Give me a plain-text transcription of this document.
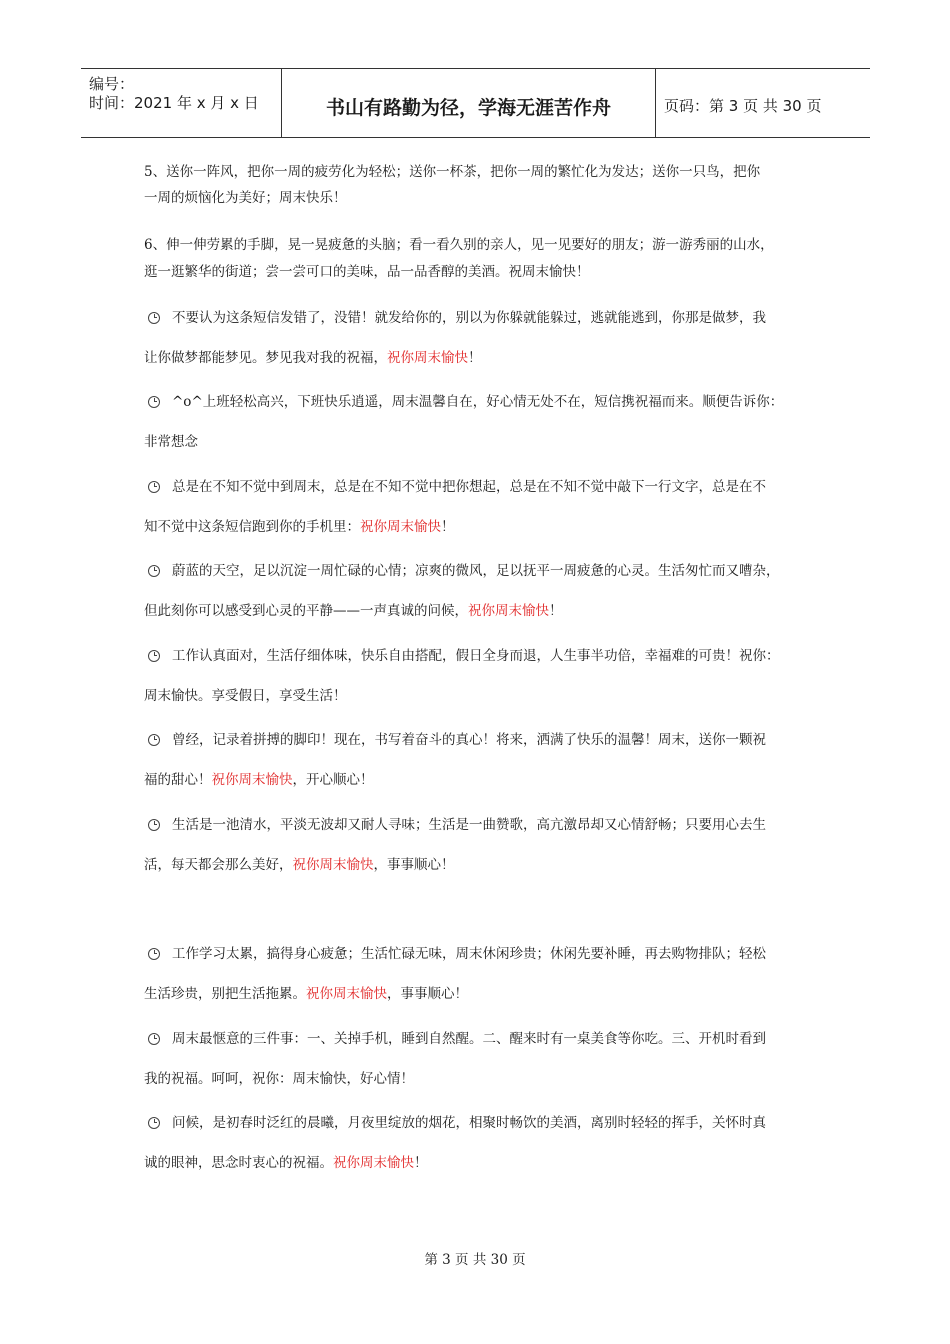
编号：
时间：2021 年 x 月 x 日	书山有路勤为径，学海无涯苦作舟	页码：第 3 页 共 30 页
5、送你一阵风，把你一周的疲劳化为轻松；送你一杯茶，把你一周的繁忙化为发达；送你一只鸟，把你
一周的烦恼化为美好；周末快乐！
6、伸一伸劳累的手脚，晃一晃疲惫的头脑；看一看久别的亲人，见一见要好的朋友；游一游秀丽的山水，
逛一逛繁华的街道；尝一尝可口的美味，品一品香醇的美酒。祝周末愉快！
不要认为这条短信发错了，没错！就发给你的，别以为你躲就能躲过，逃就能逃到，你那是做梦，我
让你做梦都能梦见。梦见我对我的祝福，祝你周末愉快！
^o^上班轻松高兴，下班快乐逍遥，周末温馨自在，好心情无处不在，短信携祝福而来。顺便告诉你：
非常想念
总是在不知不觉中到周末，总是在不知不觉中把你想起，总是在不知不觉中敲下一行文字，总是在不
知不觉中这条短信跑到你的手机里：祝你周末愉快！
蔚蓝的天空，足以沉淀一周忙碌的心情；凉爽的微风，足以抚平一周疲惫的心灵。生活匆忙而又嘈杂，
但此刻你可以感受到心灵的平静——一声真诚的问候，祝你周末愉快！
工作认真面对，生活仔细体味，快乐自由搭配，假日全身而退，人生事半功倍，幸福难的可贵！祝你：
周末愉快。享受假日，享受生活！
曾经，记录着拼搏的脚印！现在，书写着奋斗的真心！将来，洒满了快乐的温馨！周末，送你一颗祝
福的甜心！祝你周末愉快，开心顺心！
生活是一池清水，平淡无波却又耐人寻味；生活是一曲赞歌，高亢激昂却又心情舒畅；只要用心去生
活，每天都会那么美好，祝你周末愉快，事事顺心！
工作学习太累，搞得身心疲惫；生活忙碌无味，周末休闲珍贵；休闲先要补睡，再去购物排队；轻松
生活珍贵，别把生活拖累。祝你周末愉快，事事顺心！
周末最惬意的三件事：一、关掉手机，睡到自然醒。二、醒来时有一桌美食等你吃。三、开机时看到
我的祝福。呵呵，祝你：周末愉快，好心情！
问候，是初春时泛红的晨曦，月夜里绽放的烟花，相聚时畅饮的美酒，离别时轻轻的挥手，关怀时真
诚的眼神，思念时衷心的祝福。祝你周末愉快！
第 3 页 共 30 页
